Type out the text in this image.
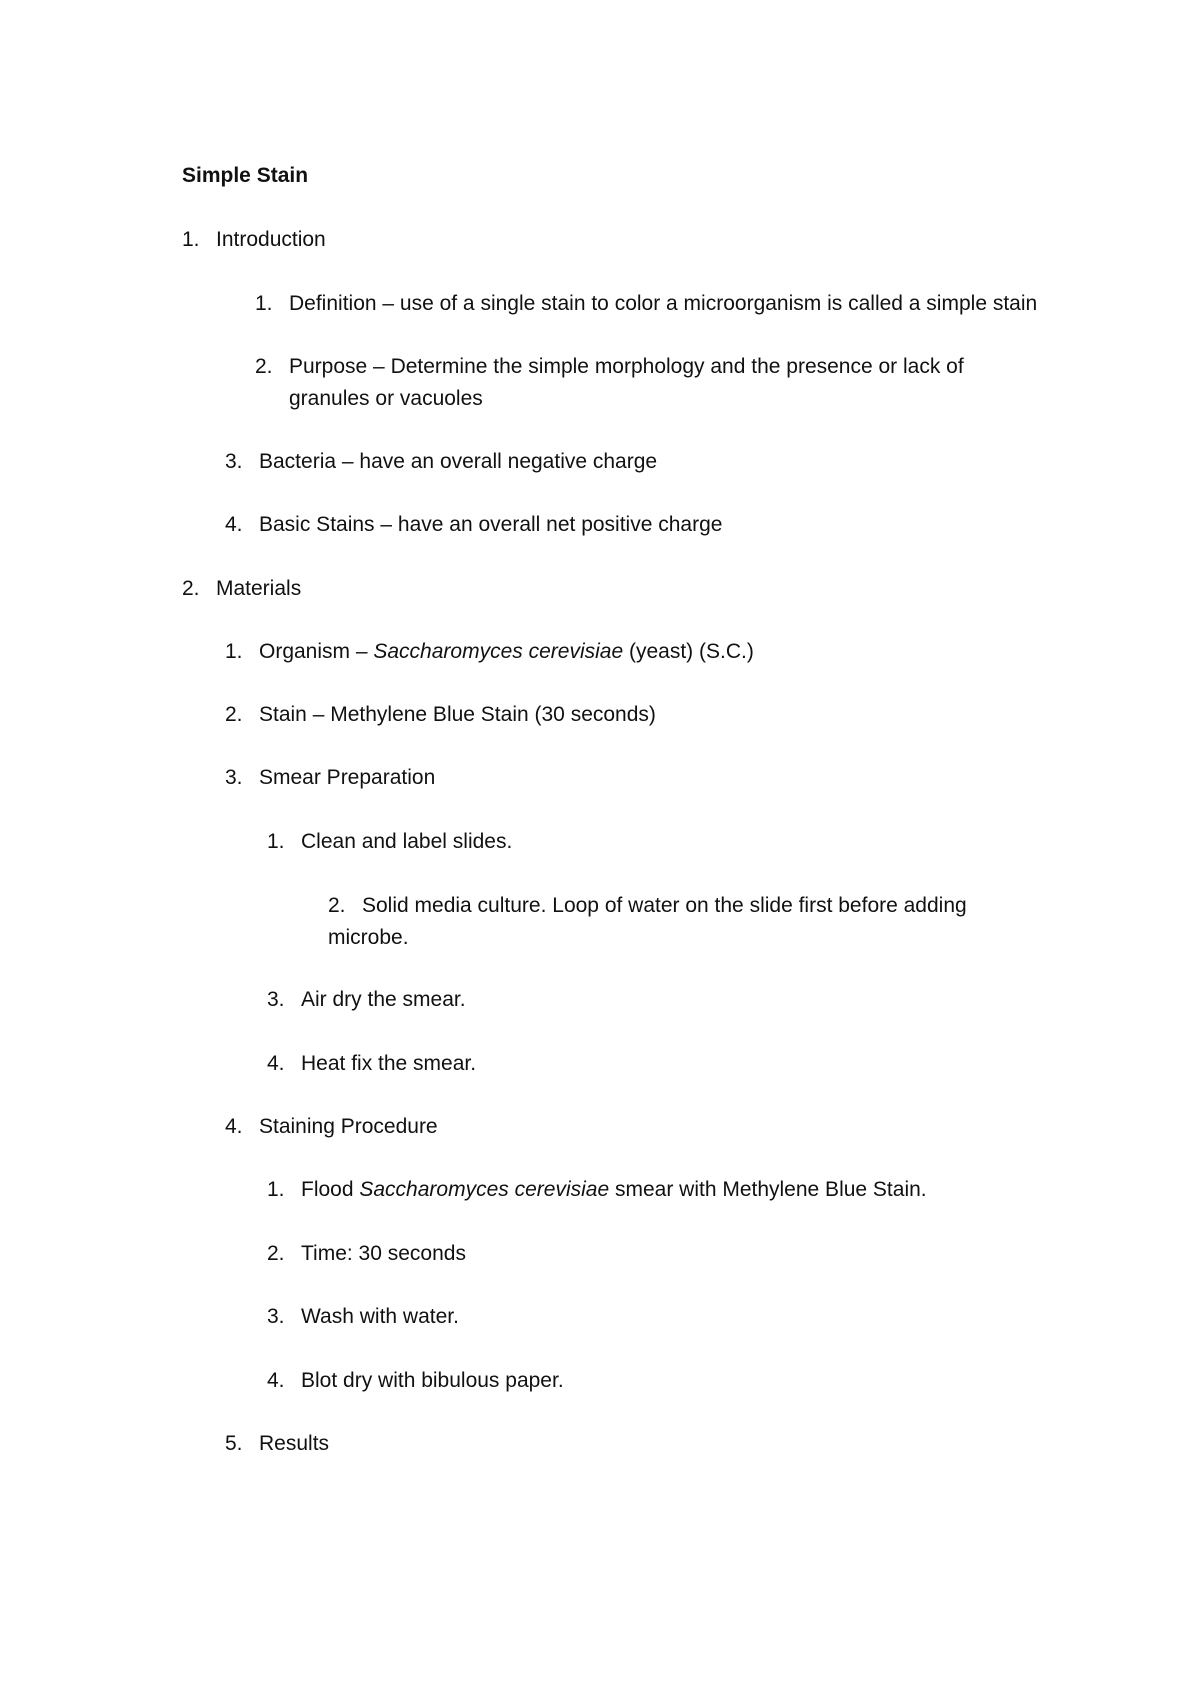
Simple Stain
1. Introduction
1. Definition – use of a single stain to color a microorganism is called a simple stain
2. Purpose – Determine the simple morphology and the presence or lack of granules or vacuoles
3. Bacteria – have an overall negative charge
4. Basic Stains – have an overall net positive charge
2. Materials
1. Organism – Saccharomyces cerevisiae (yeast) (S.C.)
2. Stain – Methylene Blue Stain (30 seconds)
3. Smear Preparation
1. Clean and label slides.
2. Solid media culture. Loop of water on the slide first before adding microbe.
3. Air dry the smear.
4. Heat fix the smear.
4. Staining Procedure
1. Flood Saccharomyces cerevisiae smear with Methylene Blue Stain.
2. Time: 30 seconds
3. Wash with water.
4. Blot dry with bibulous paper.
5. Results
